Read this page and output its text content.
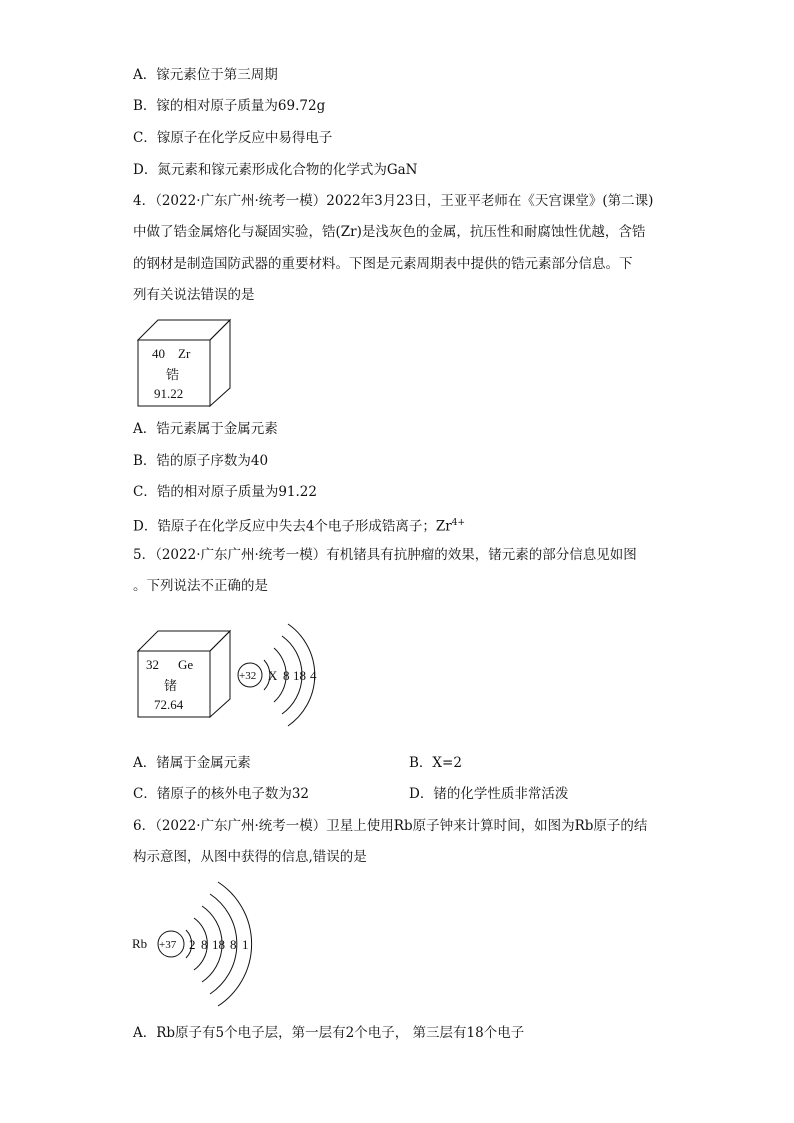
A．镓元素位于第三周期
B．镓的相对原子质量为69.72g
C．镓原子在化学反应中易得电子
D．氮元素和镓元素形成化合物的化学式为GaN
4．（2022·广东广州·统考一模）2022年3月23日，王亚平老师在《天宫课堂》(第二课)
中做了锆金属熔化与凝固实验，锆(Zr)是浅灰色的金属，抗压性和耐腐蚀性优越，含锆
的钢材是制造国防武器的重要材料。下图是元素周期表中提供的锆元素部分信息。下
列有关说法错误的是
40 Zr
锆
91.22
A．锆元素属于金属元素
B．锆的原子序数为40
C．锆的相对原子质量为91.22
D．锆原子在化学反应中失去4个电子形成锆离子；$Zr^{4+}$
5．（2022·广东广州·统考一模）有机锗具有抗肿瘤的效果，锗元素的部分信息见如图
。下列说法不正确的是
32 Ge
锗
72.64
+32 X 8 18 4
A．锗属于金属元素	B．X=2
C．锗原子的核外电子数为32	D．锗的化学性质非常活泼
6．（2022·广东广州·统考一模）卫星上使用Rb原子钟来计算时间，如图为Rb原子的结
构示意图，从图中获得的信息,错误的是
Rb +37 2 8 18 8 1
A．Rb原子有5个电子层，第一层有2个电子， 第三层有18个电子
